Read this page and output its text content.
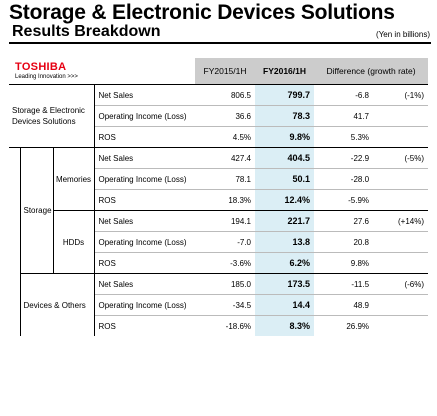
Storage & Electronic Devices Solutions
Results Breakdown	(Yen in billions)
TOSHIBA
Leading Innovation >>>				FY2015/1H	FY2016/1H	Difference (growth rate)	
Storage & Electronic
Devices Solutions			Net Sales	806.5	799.7	-6.8	(-1%)
			Operating Income (Loss)	36.6	78.3	41.7	
			ROS	4.5%	9.8%	5.3%	
	Storage	Memories	Net Sales	427.4	404.5	-22.9	(-5%)
			Operating Income (Loss)	78.1	50.1	-28.0	
			ROS	18.3%	12.4%	-5.9%	
		HDDs	Net Sales	194.1	221.7	27.6	(+14%)
			Operating Income (Loss)	-7.0	13.8	20.8	
			ROS	-3.6%	6.2%	9.8%	
	Devices & Others		Net Sales	185.0	173.5	-11.5	(-6%)
			Operating Income (Loss)	-34.5	14.4	48.9	
			ROS	-18.6%	8.3%	26.9%	
